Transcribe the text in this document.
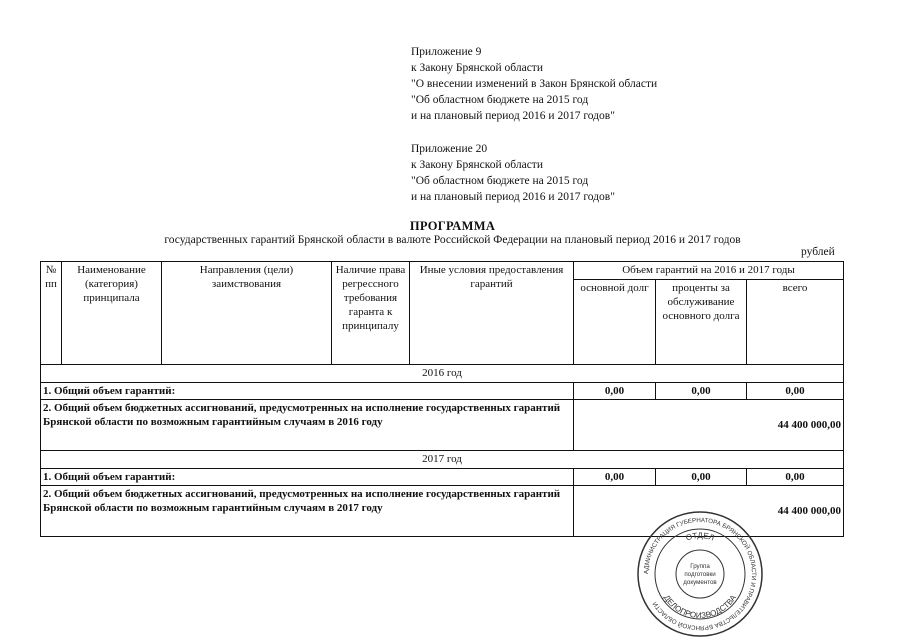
Приложение 9
к Закону Брянской области
"О внесении изменений в Закон Брянской области
"Об областном бюджете на 2015 год
и на плановый период 2016 и 2017 годов"
Приложение 20
к Закону Брянской области
"Об областном бюджете на 2015 год
и на плановый период 2016 и 2017 годов"
ПРОГРАММА
государственных гарантий Брянской области в валюте Российской Федерации на плановый период 2016 и 2017 годов
рублей
№ пп	Наименование (категория) принципала	Направления (цели) заимствования	Наличие права регрессного требования гаранта к принципалу	Иные условия предоставления гарантий	Объем гарантий на 2016 и 2017 годы		
					основной долг	проценты за обслуживание основного долга	всего
2016 год							
1. Общий объем гарантий:					0,00	0,00	0,00
2. Общий объем бюджетных ассигнований, предусмотренных на исполнение государственных гарантий Брянской области по возможным гарантийным случаям в 2016 году					44 400 000,00		
2017 год							
1. Общий объем гарантий:					0,00	0,00	0,00
2. Общий объем бюджетных ассигнований, предусмотренных на исполнение государственных гарантий Брянской области по возможным гарантийным случаям в 2017 году					44 400 000,00		
АДМИНИСТРАЦИЯ ГУБЕРНАТОРА БРЯНСКОЙ ОБЛАСТИ И ПРАВИТЕЛЬСТВА БРЯНСКОЙ ОБЛАСТИ
ОТДЕЛ
ДЕЛОПРОИЗВОДСТВА
Группа
подготовки
документов
